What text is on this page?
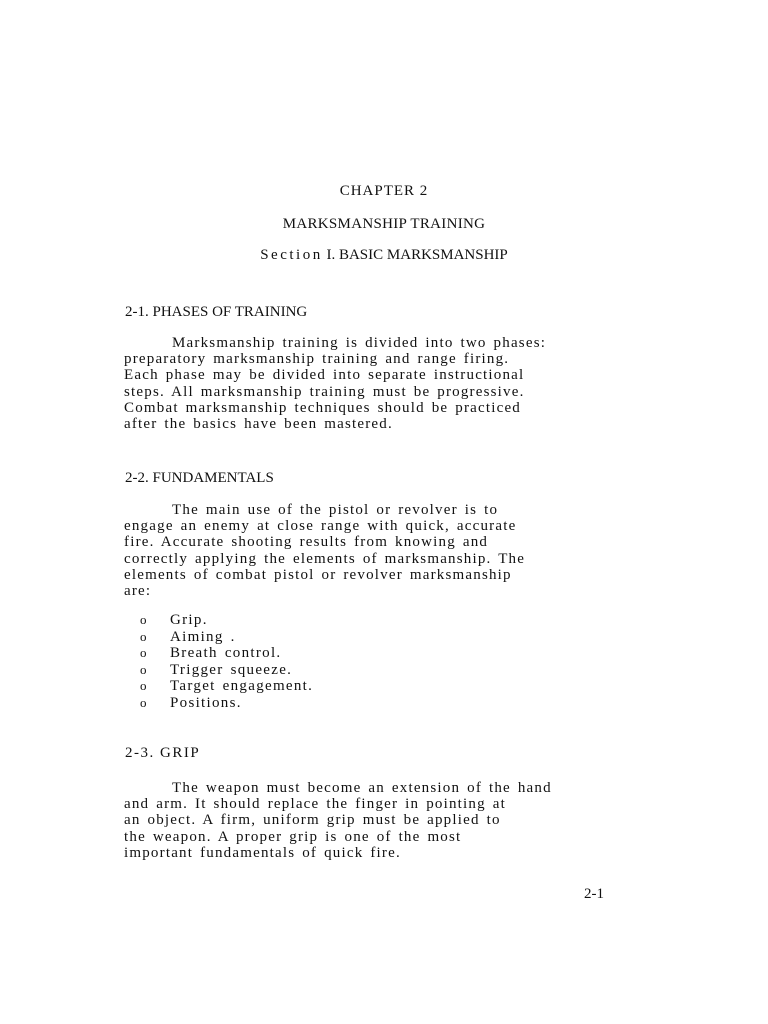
CHAPTER 2
MARKSMANSHIP TRAINING
Section I. BASIC MARKSMANSHIP
2-1. PHASES OF TRAINING
Marksmanship training is divided into two phases:
preparatory marksmanship training and range firing.
Each phase may be divided into separate instructional
steps. All marksmanship training must be progressive.
Combat marksmanship techniques should be practiced
after the basics have been mastered.
2-2. FUNDAMENTALS
The main use of the pistol or revolver is to
engage an enemy at close range with quick, accurate
fire. Accurate shooting results from knowing and
correctly applying the elements of marksmanship. The
elements of combat pistol or revolver marksmanship
are:
o Grip.
o Aiming .
o Breath control.
o Trigger squeeze.
o Target engagement.
o Positions.
2-3. GRIP
The weapon must become an extension of the hand
and arm. It should replace the finger in pointing at
an object. A firm, uniform grip must be applied to
the weapon. A proper grip is one of the most
important fundamentals of quick fire.
2-1
